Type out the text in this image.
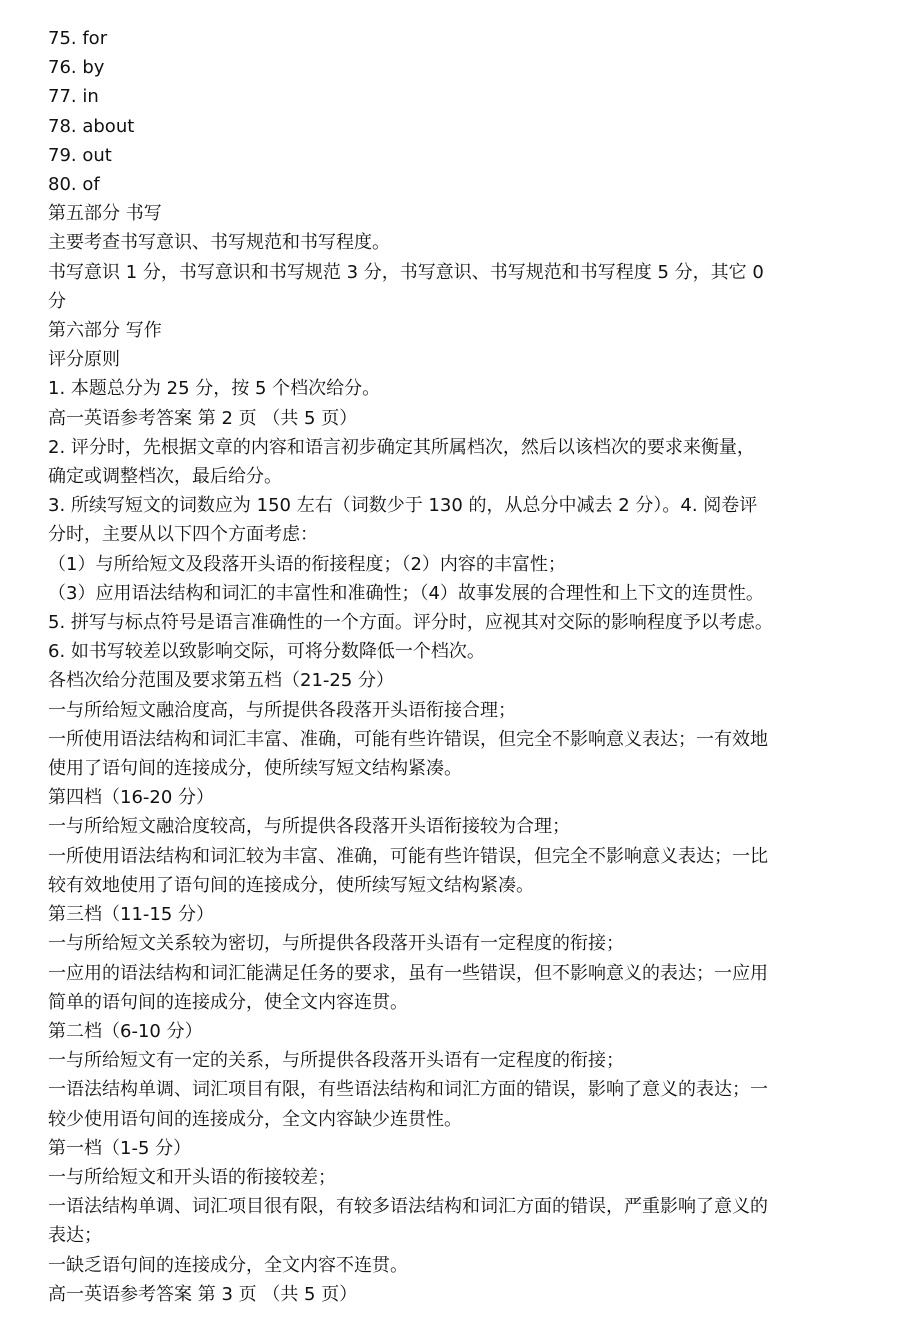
75. for

76. by

77. in

78. about

79. out

80. of

第五部分 书写

主要考查书写意识、书写规范和书写程度。

书写意识 1 分，书写意识和书写规范 3 分，书写意识、书写规范和书写程度 5 分，其它 0

分

第六部分 写作

评分原则

1. 本题总分为 25 分，按 5 个档次给分。

高一英语参考答案 第 2 页 （共 5 页）

2. 评分时，先根据文章的内容和语言初步确定其所属档次，然后以该档次的要求来衡量，

确定或调整档次，最后给分。

3. 所续写短文的词数应为 150 左右（词数少于 130 的，从总分中减去 2 分）。4. 阅卷评

分时，主要从以下四个方面考虑：

（1）与所给短文及段落开头语的衔接程度；（2）内容的丰富性；

（3）应用语法结构和词汇的丰富性和准确性；（4）故事发展的合理性和上下文的连贯性。

5. 拼写与标点符号是语言准确性的一个方面。评分时，应视其对交际的影响程度予以考虑。

6. 如书写较差以致影响交际，可将分数降低一个档次。

各档次给分范围及要求第五档（21-25 分）

一与所给短文融洽度高，与所提供各段落开头语衔接合理；

一所使用语法结构和词汇丰富、准确，可能有些许错误，但完全不影响意义表达；一有效地

使用了语句间的连接成分，使所续写短文结构紧凑。

第四档（16-20 分）

一与所给短文融洽度较高，与所提供各段落开头语衔接较为合理；

一所使用语法结构和词汇较为丰富、准确，可能有些许错误，但完全不影响意义表达；一比

较有效地使用了语句间的连接成分，使所续写短文结构紧凑。

第三档（11-15 分）

一与所给短文关系较为密切，与所提供各段落开头语有一定程度的衔接；

一应用的语法结构和词汇能满足任务的要求，虽有一些错误，但不影响意义的表达；一应用

简单的语句间的连接成分，使全文内容连贯。

第二档（6-10 分）

一与所给短文有一定的关系，与所提供各段落开头语有一定程度的衔接；

一语法结构单调、词汇项目有限，有些语法结构和词汇方面的错误，影响了意义的表达；一

较少使用语句间的连接成分，全文内容缺少连贯性。

第一档（1-5 分）

一与所给短文和开头语的衔接较差；

一语法结构单调、词汇项目很有限，有较多语法结构和词汇方面的错误，严重影响了意义的

表达；

一缺乏语句间的连接成分，全文内容不连贯。

高一英语参考答案 第 3 页 （共 5 页）
